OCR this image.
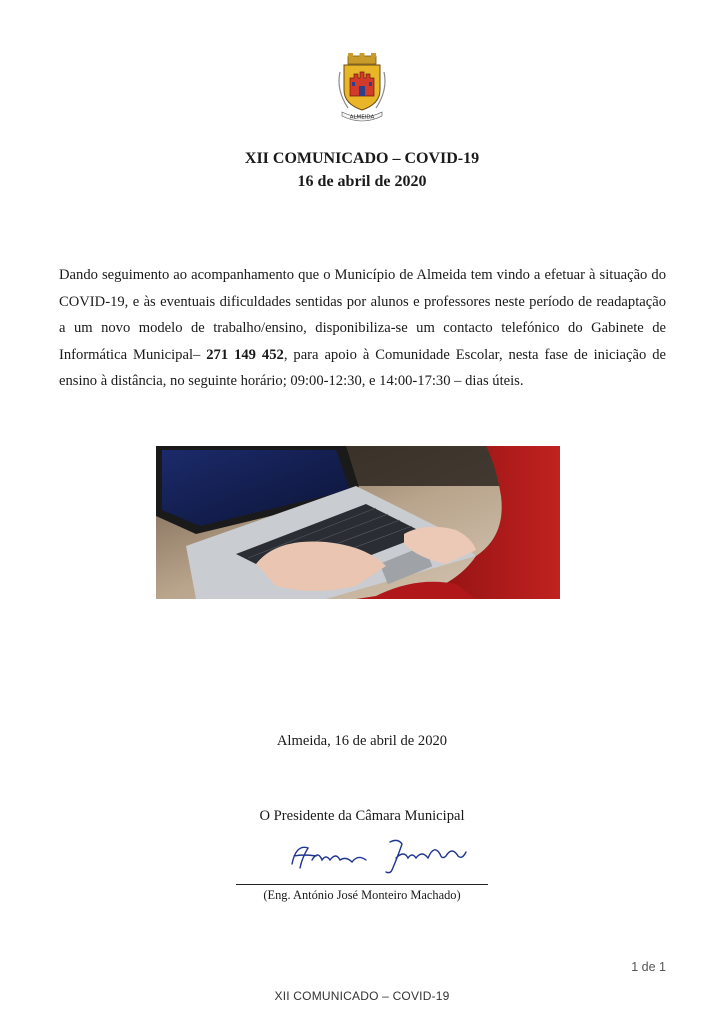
ALMEIDA
XII COMUNICADO – COVID-19
16 de abril de 2020
Dando seguimento ao acompanhamento que o Município de Almeida tem vindo a efetuar à situação do COVID-19, e às eventuais dificuldades sentidas por alunos e professores neste período de readaptação a um novo modelo de trabalho/ensino, disponibiliza-se um contacto telefónico do Gabinete de Informática Municipal– 271 149 452, para apoio à Comunidade Escolar, nesta fase de iniciação de ensino à distância, no seguinte horário; 09:00-12:30, e 14:00-17:30 – dias úteis.
Almeida, 16 de abril de 2020
O Presidente da Câmara Municipal
(Eng. António José Monteiro Machado)
1 de 1
XII COMUNICADO – COVID-19
